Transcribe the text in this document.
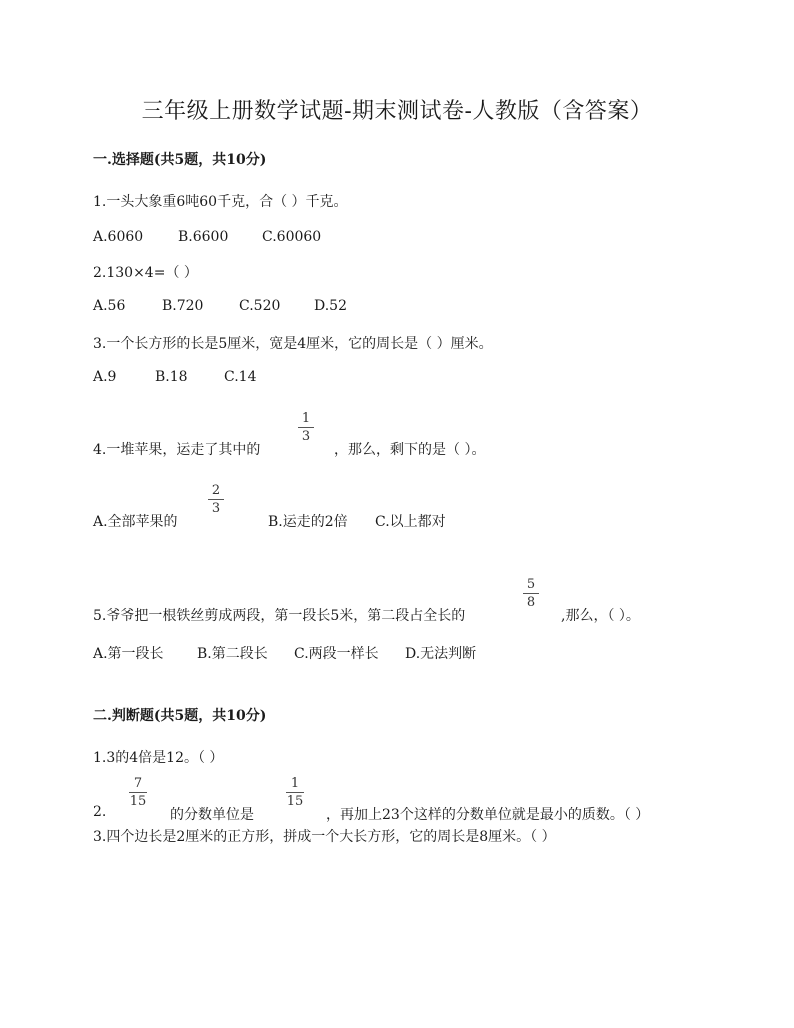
三年级上册数学试题-期末测试卷-人教版（含答案）
一.选择题(共5题，共10分)
1.一头大象重6吨60千克，合（ ）千克。
A.6060 B.6600 C.60060
2.130×4=（ ）
A.56	B.720	C.520 D.52
3.一个长方形的长是5厘米，宽是4厘米，它的周长是（ ）厘米。
A.9	B.18	C.14
4.一堆苹果，运走了其中的
1
3
，那么，剩下的是（ ）。
A.全部苹果的
2
3
B.运走的2倍 C.以上都对
5.爷爷把一根铁丝剪成两段，第一段长5米，第二段占全长的
5
8
,那么，（ ）。
A.第一段长 B.第二段长 C.两段一样长 D.无法判断
二.判断题(共5题，共10分)
1.3的4倍是12。（ ）
2.
7
15
的分数单位是
1
15
，再加上23个这样的分数单位就是最小的质数。（ ）
3.四个边长是2厘米的正方形，拼成一个大长方形，它的周长是8厘米。（ ）
